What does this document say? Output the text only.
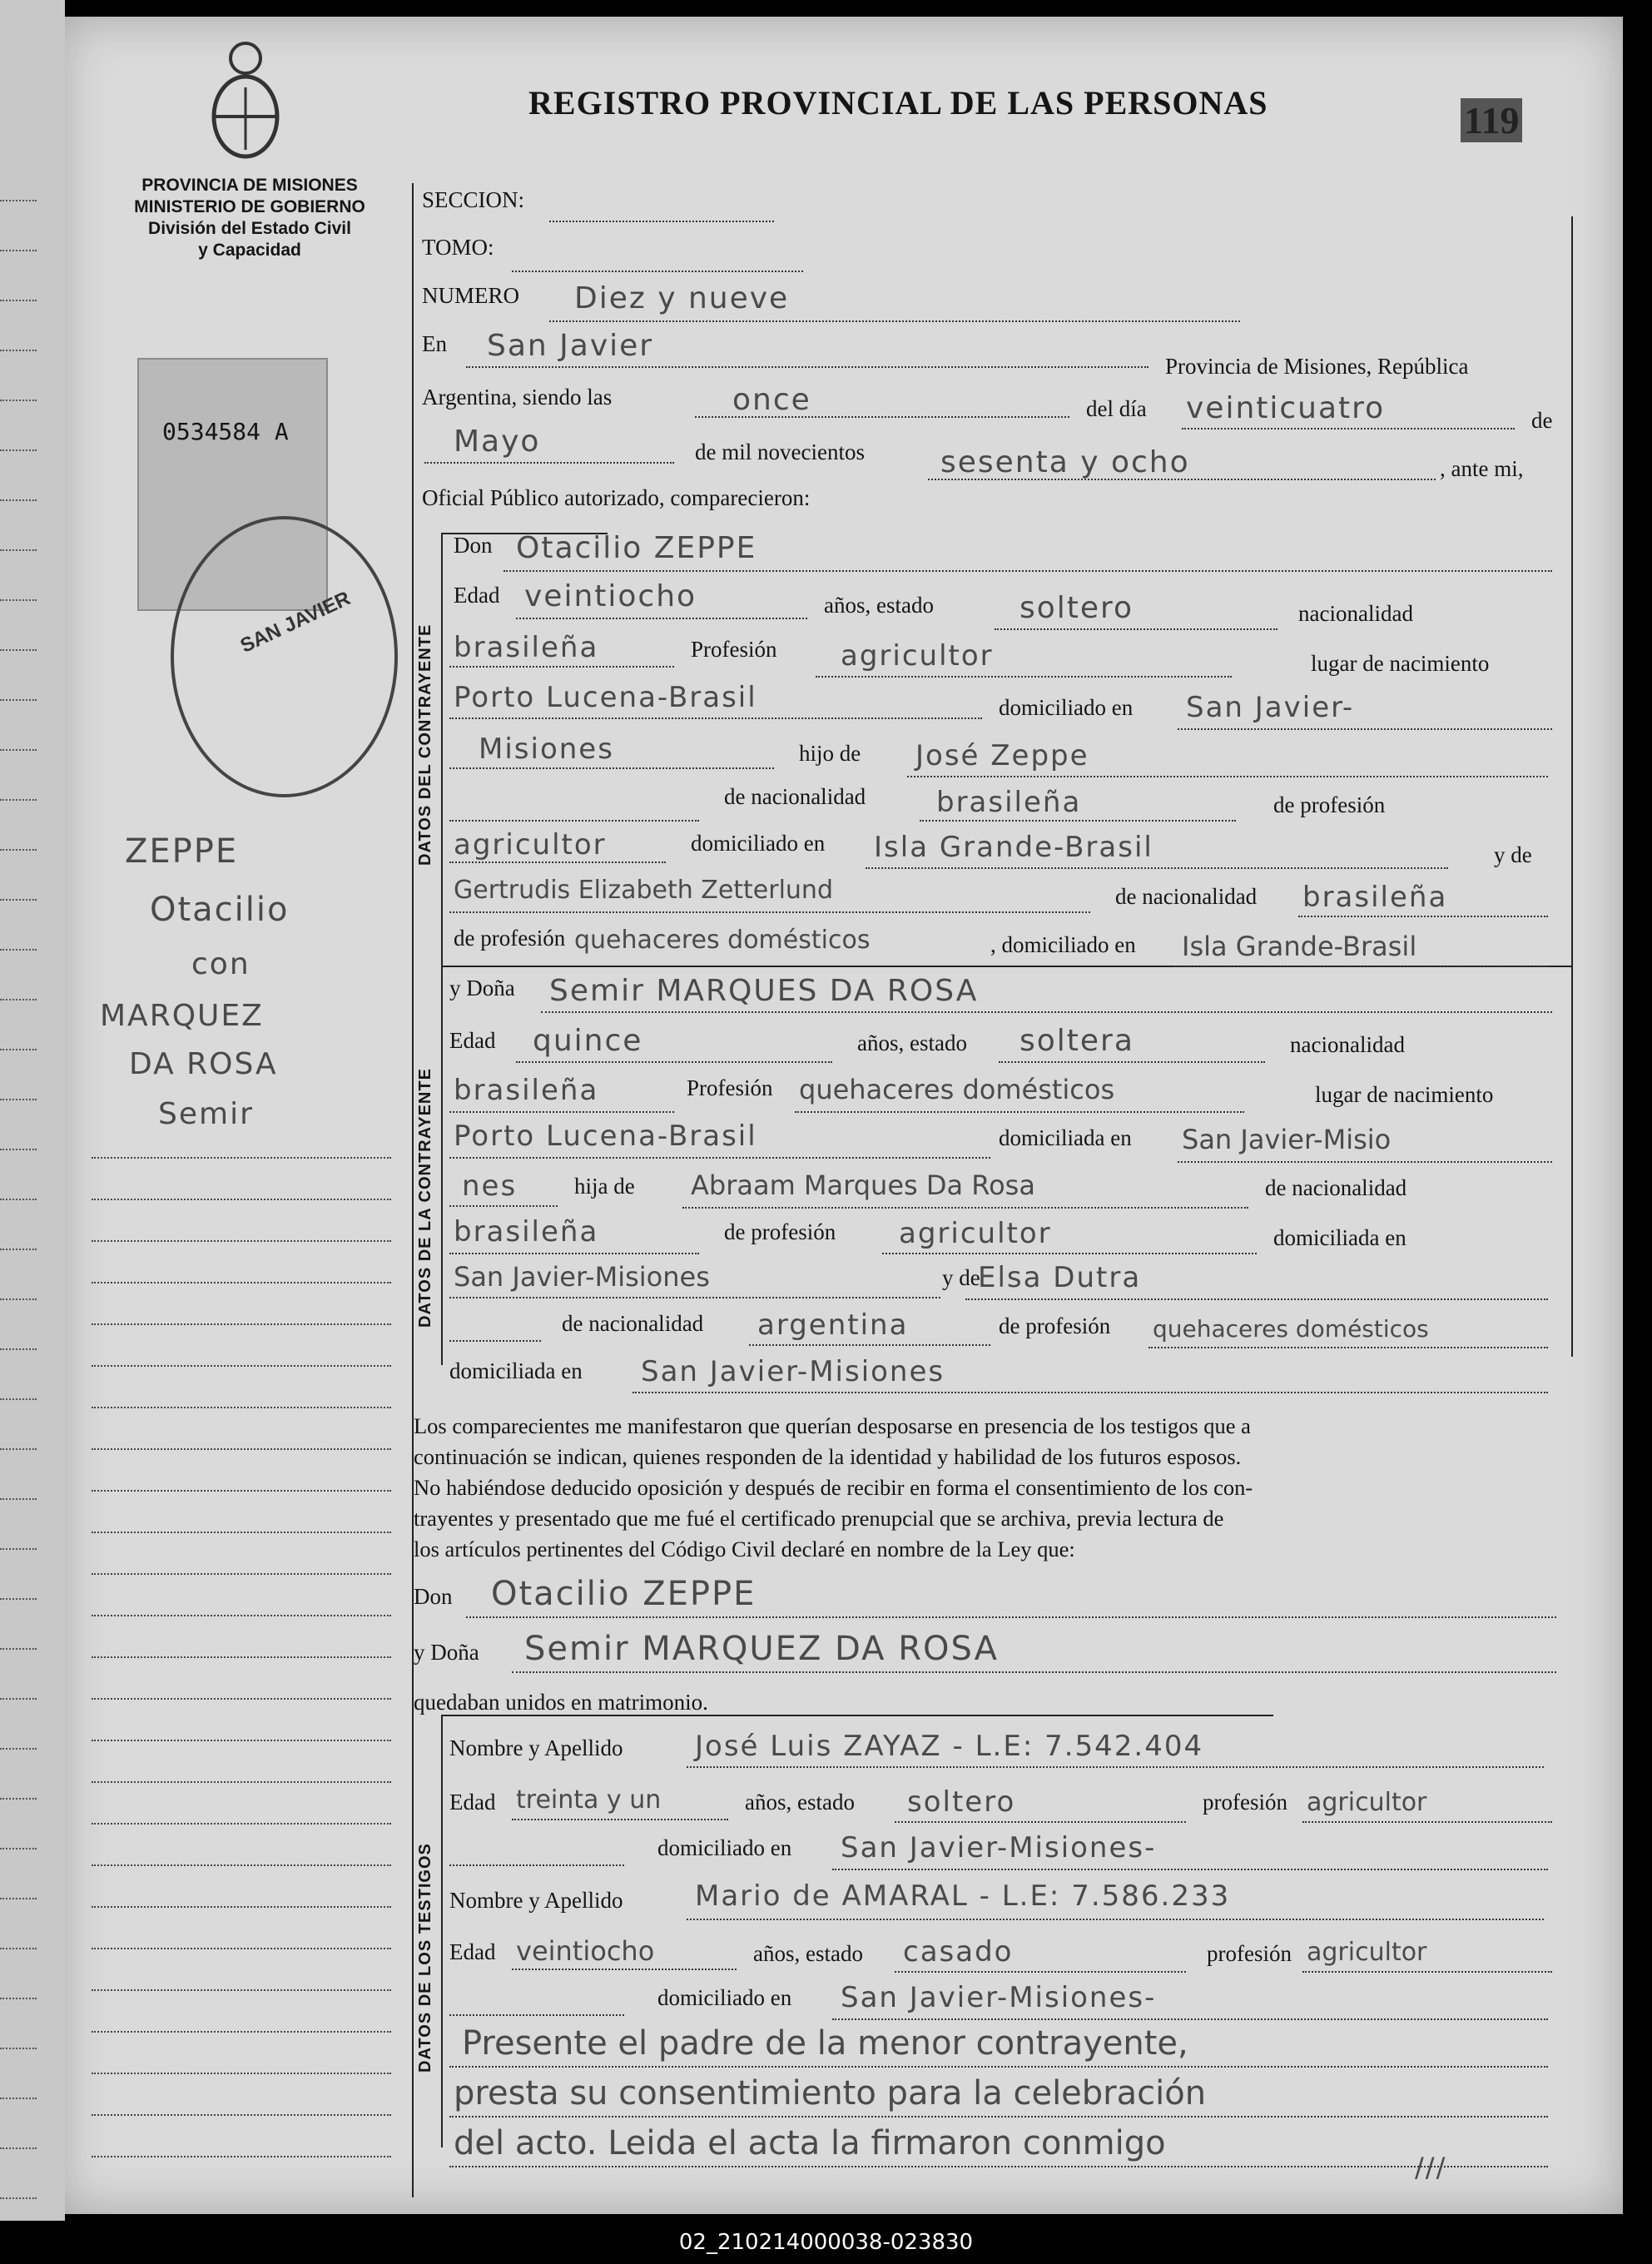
PROVINCIA DE MISIONES
MINISTERIO DE GOBIERNO
División del Estado Civil
y Capacidad
REGISTRO PROVINCIAL DE LAS PERSONAS	119
0534584 A
SAN JAVIER
ZEPPE
Otacilio
con
MARQUEZ
DA ROSA
Semir
DATOS DEL CONTRAYENTE
DATOS DE LA CONTRAYENTE
DATOS DE LOS TESTIGOS
SECCION:
TOMO:
NUMERO Diez y nueve
En San Javier
Provincia de Misiones, República
Argentina, siendo las	once	del día veinticuatro	de
Mayo	de mil novecientos	sesenta y ocho	, ante mi,
Oficial Público autorizado, comparecieron:
Don Otacilio ZEPPE
Edad veintiocho	años, estado	soltero	nacionalidad
brasileña	Profesión agricultor	lugar de nacimiento
Porto Lucena-Brasil	domiciliado en San Javier-
Misiones	hijo de José Zeppe
de nacionalidad brasileña	de profesión
agricultor	domiciliado en Isla Grande-Brasil	y de
Gertrudis Elizabeth Zetterlund	de nacionalidad brasileña
de profesión quehaceres domésticos	, domiciliado en Isla Grande-Brasil
y Doña Semir MARQUES DA ROSA
Edad quince	años, estado soltera	nacionalidad
brasileña	Profesión quehaceres domésticos	lugar de nacimiento
Porto Lucena-Brasil	domiciliada en San Javier-Misio
nes	hija de Abraam Marques Da Rosa	de nacionalidad
brasileña	de profesión agricultor	domiciliada en
San Javier-Misiones	y de
Elsa Dutra
de nacionalidad argentina	de profesión quehaceres domésticos
domiciliada en San Javier-Misiones
Los comparecientes me manifestaron que querían desposarse en presencia de los testigos que a
continuación se indican, quienes responden de la identidad y habilidad de los futuros esposos.
No habiéndose deducido oposición y después de recibir en forma el consentimiento de los con-
trayentes y presentado que me fué el certificado prenupcial que se archiva, previa lectura de
los artículos pertinentes del Código Civil declaré en nombre de la Ley que:
Don Otacilio ZEPPE
y Doña Semir MARQUEZ DA ROSA
quedaban unidos en matrimonio.
Nombre y Apellido	José Luis ZAYAZ - L.E: 7.542.404
Edad treinta y un	años, estado soltero	profesión agricultor
domiciliado en San Javier-Misiones-
Nombre y Apellido	Mario de AMARAL - L.E: 7.586.233
Edad veintiocho	años, estado casado	profesión agricultor
domiciliado en San Javier-Misiones-
Presente el padre de la menor contrayente,
presta su consentimiento para la celebración
del acto. Leida el acta la firmaron conmigo
///
02_210214000038-023830
